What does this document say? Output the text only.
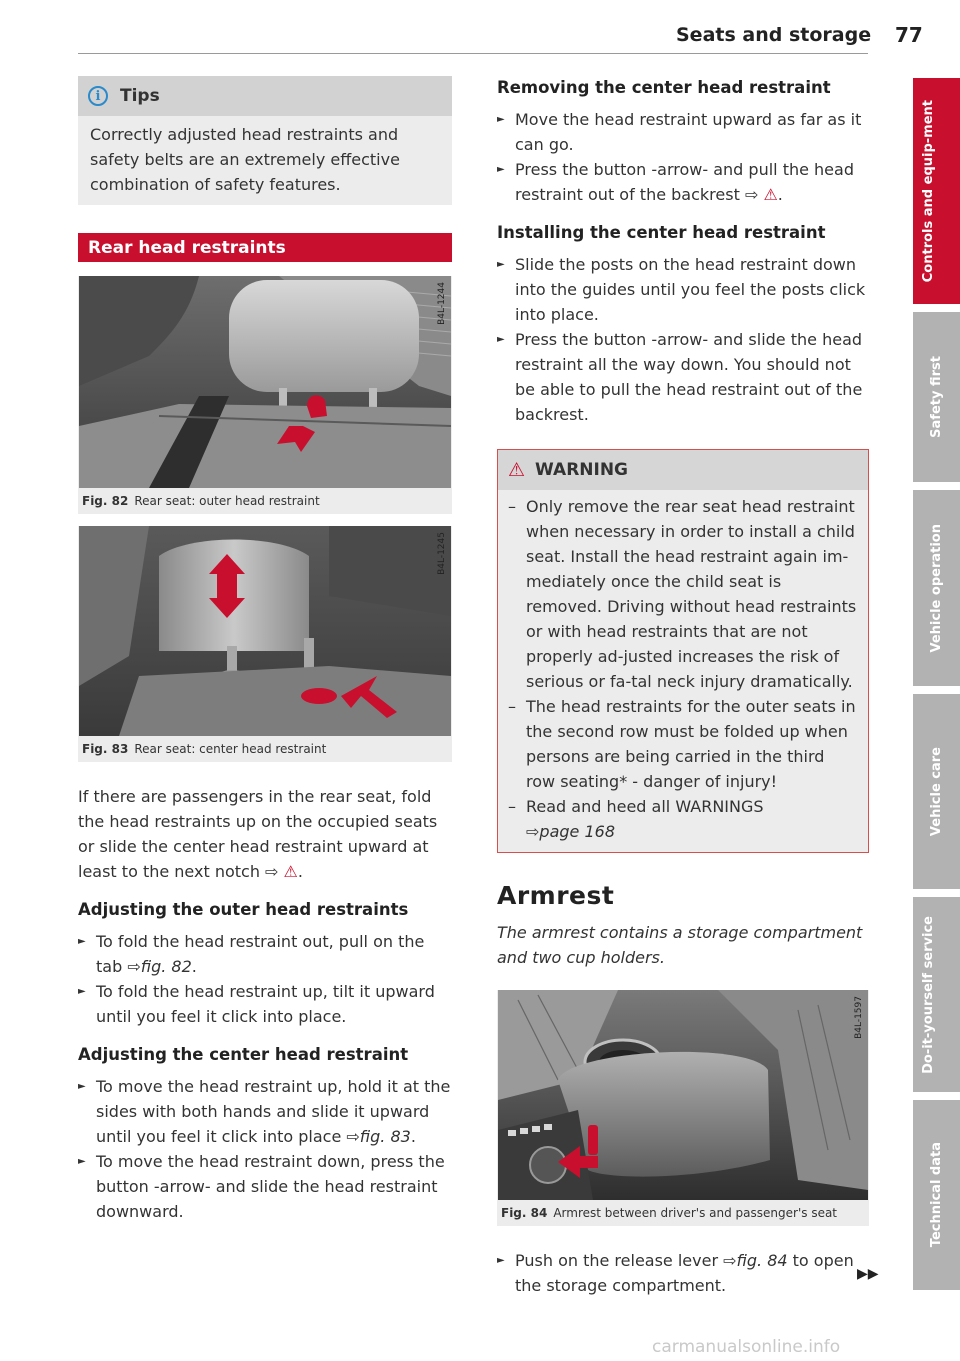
Seats and storage 77
i	Tips
Correctly adjusted head restraints and safety belts are an extremely effective combination of safety features.
Rear head restraints
B4L-1244
Fig. 82 Rear seat: outer head restraint
B4L-1245
Fig. 83 Rear seat: center head restraint

If there are passengers in the rear seat, fold the head restraints up on the occupied seats or slide the center head restraint upward at least to the next notch ⇨ ⚠.

Adjusting the outer head restraints
► To fold the head restraint out, pull on the tab ⇨fig. 82.
► To fold the head restraint up, tilt it upward until you feel it click into place.
Adjusting the center head restraint
► To move the head restraint up, hold it at the sides with both hands and slide it upward until you feel it click into place ⇨fig. 83.
► To move the head restraint down, press the button -arrow- and slide the head restraint downward.
Removing the center head restraint
► Move the head restraint upward as far as it can go.
► Press the button -arrow- and pull the head restraint out of the backrest ⇨ ⚠.
Installing the center head restraint
► Slide the posts on the head restraint down into the guides until you feel the posts click into place.
► Press the button -arrow- and slide the head restraint all the way down. You should not be able to pull the head restraint out of the backrest.
⚠ WARNING
– Only remove the rear seat head restraint when necessary in order to install a child seat. Install the head restraint again im-mediately once the child seat is removed. Driving without head restraints or with head restraints that are not properly ad-justed increases the risk of serious or fa-tal neck injury dramatically.
– The head restraints for the outer seats in the second row must be folded up when persons are being carried in the third row seating* - danger of injury!
– Read and heed all WARNINGS
⇨page 168
Armrest
The armrest contains a storage compartment and two cup holders.
B4L-1597
Fig. 84 Armrest between driver's and passenger's seat
► Push on the release lever ⇨fig. 84 to open the storage compartment.
▶▶
Controls and equip-ment
Safety first
Vehicle operation
Vehicle care
Do-it-yourself service
Technical data
carmanualsonline.info
